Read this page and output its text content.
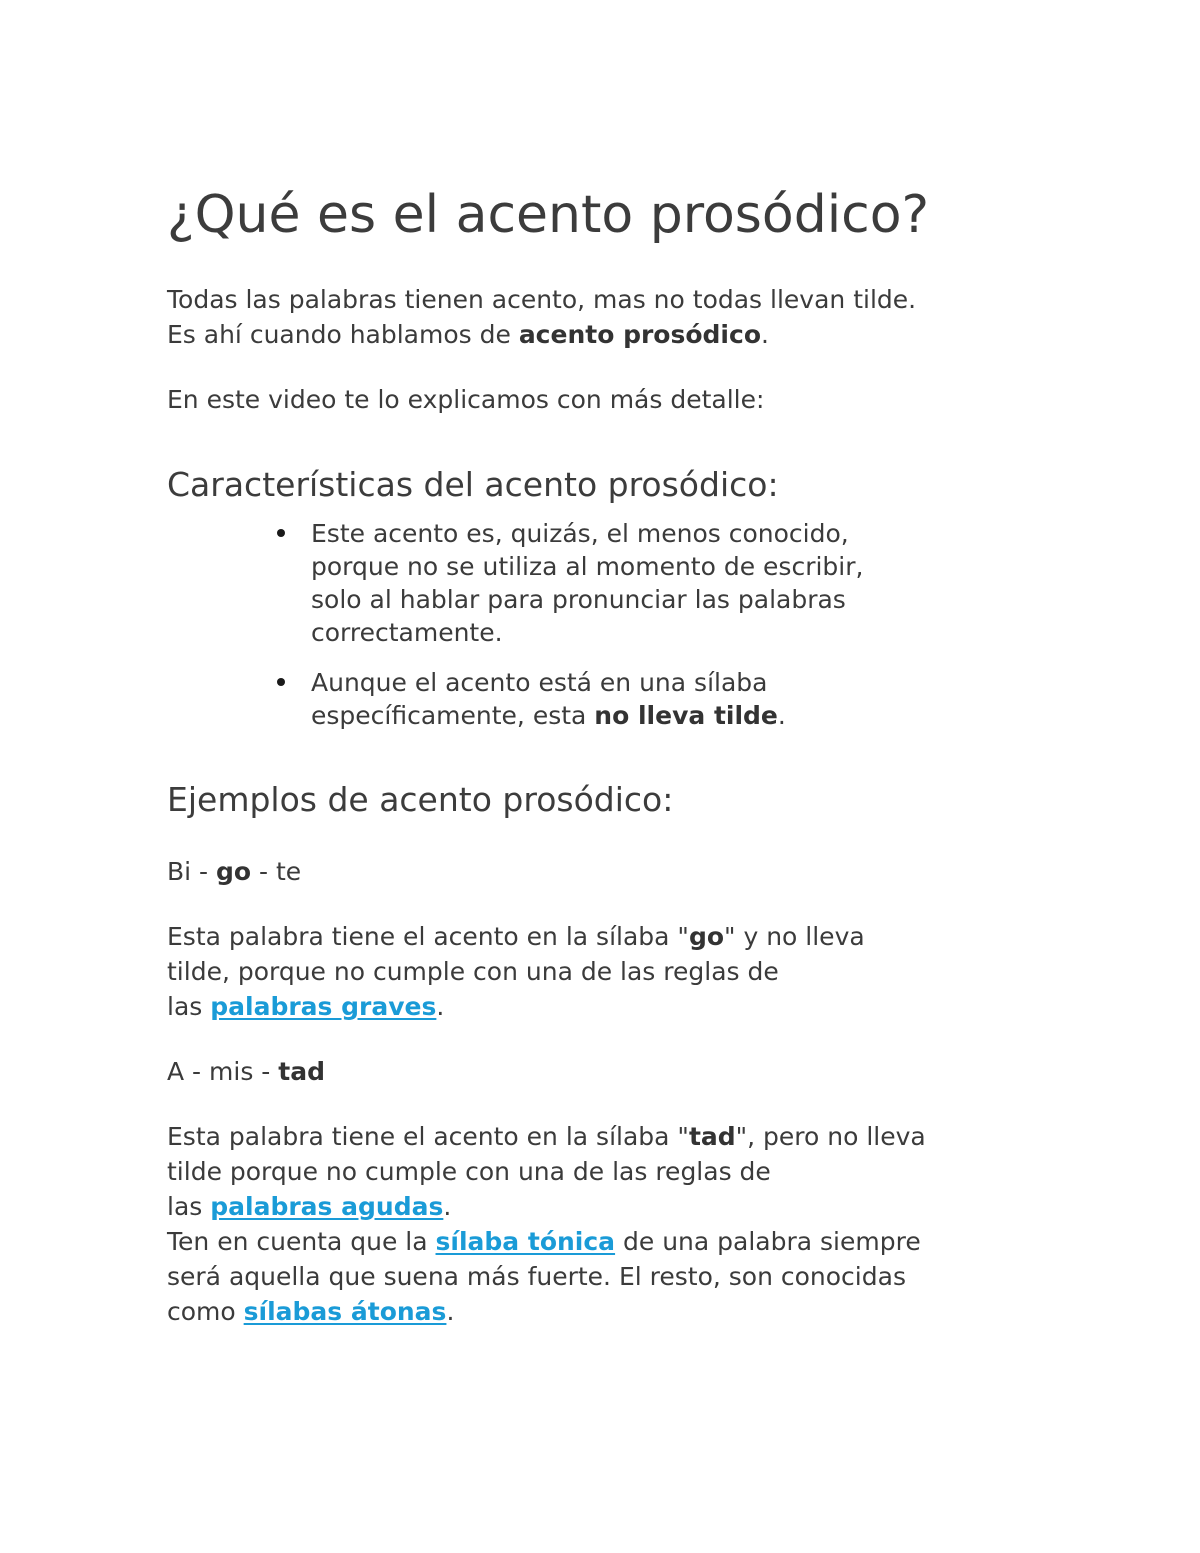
¿Qué es el acento prosódico?

Todas las palabras tienen acento, mas no todas llevan tilde.
Es ahí cuando hablamos de acento prosódico.

En este video te lo explicamos con más detalle:

Características del acento prosódico:
Este acento es, quizás, el menos conocido,
porque no se utiliza al momento de escribir,
solo al hablar para pronunciar las palabras
correctamente.
Aunque el acento está en una sílaba
específicamente, esta no lleva tilde.
Ejemplos de acento prosódico:

Bi - go - te

Esta palabra tiene el acento en la sílaba "go" y no lleva
tilde, porque no cumple con una de las reglas de
las palabras graves.

A - mis - tad

Esta palabra tiene el acento en la sílaba "tad", pero no lleva
tilde porque no cumple con una de las reglas de
las palabras agudas.

Ten en cuenta que la sílaba tónica de una palabra siempre
será aquella que suena más fuerte. El resto, son conocidas
como sílabas átonas.
